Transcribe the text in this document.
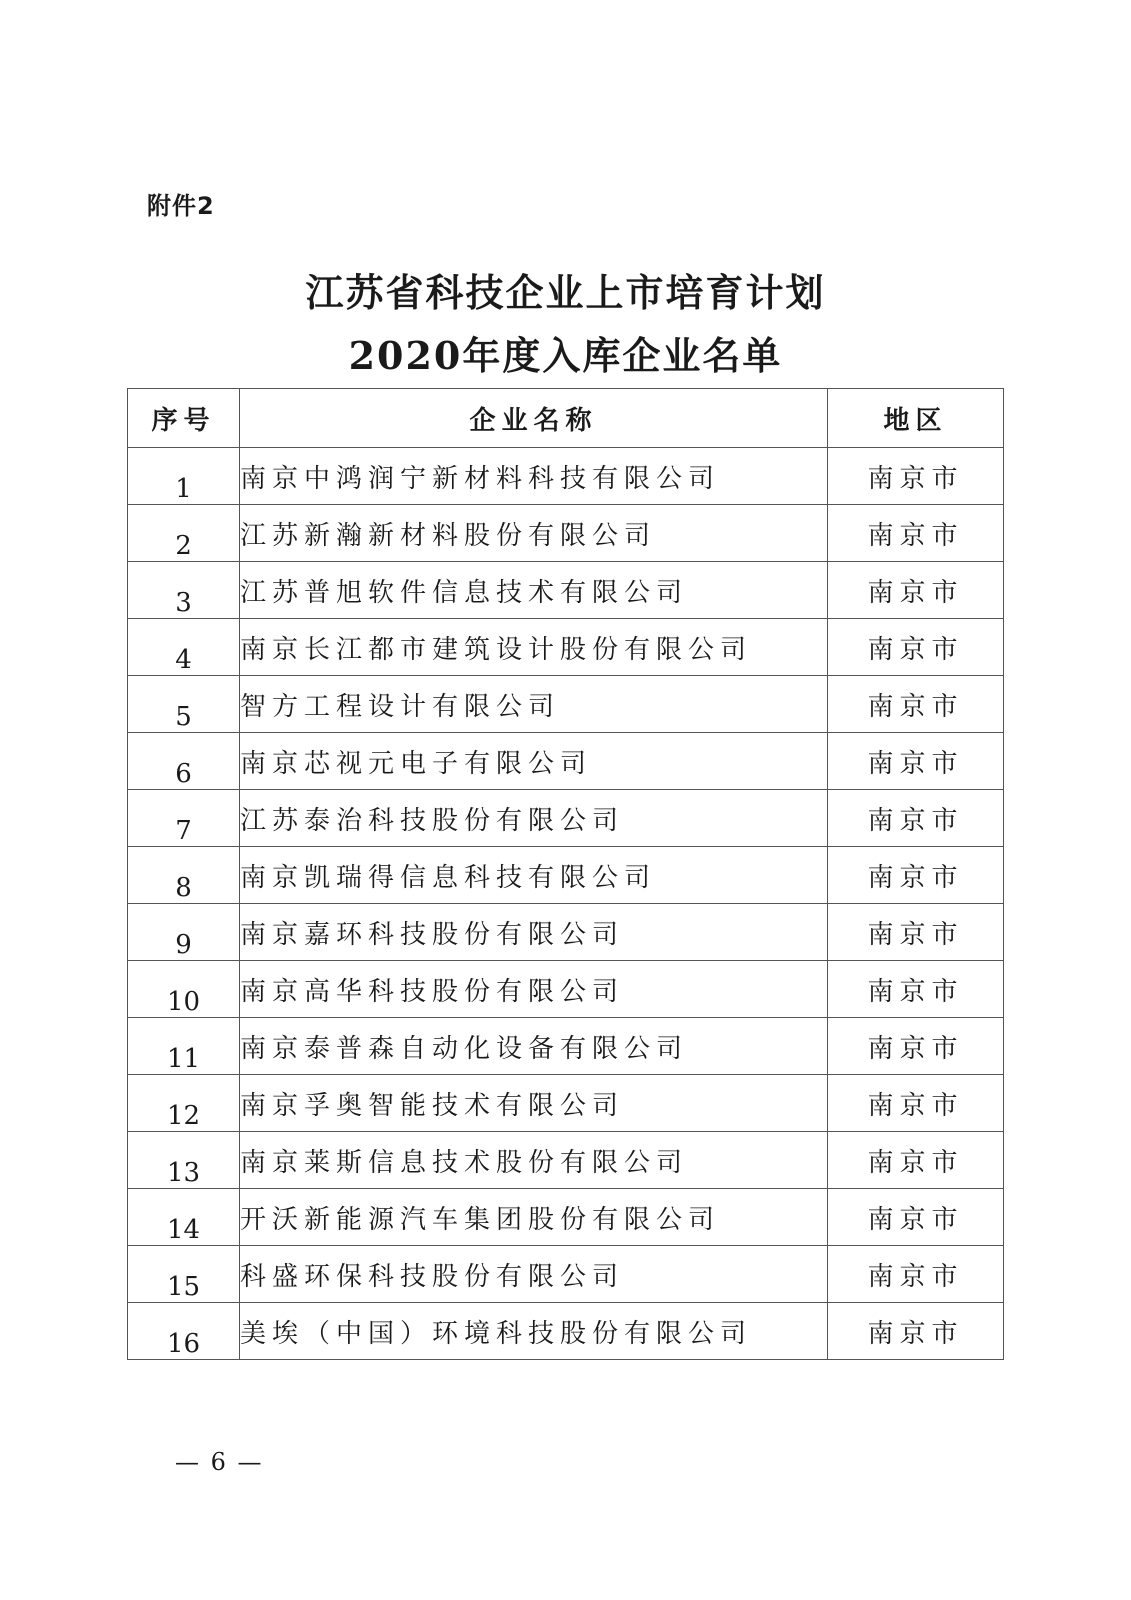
附件2
江苏省科技企业上市培育计划
2020年度入库企业名单
序号	企业名称	地区
1	南京中鸿润宁新材料科技有限公司	南京市
2	江苏新瀚新材料股份有限公司	南京市
3	江苏普旭软件信息技术有限公司	南京市
4	南京长江都市建筑设计股份有限公司	南京市
5	智方工程设计有限公司	南京市
6	南京芯视元电子有限公司	南京市
7	江苏泰治科技股份有限公司	南京市
8	南京凯瑞得信息科技有限公司	南京市
9	南京嘉环科技股份有限公司	南京市
10	南京高华科技股份有限公司	南京市
11	南京泰普森自动化设备有限公司	南京市
12	南京孚奥智能技术有限公司	南京市
13	南京莱斯信息技术股份有限公司	南京市
14	开沃新能源汽车集团股份有限公司	南京市
15	科盛环保科技股份有限公司	南京市
16	美埃（中国）环境科技股份有限公司	南京市
— 6 —
